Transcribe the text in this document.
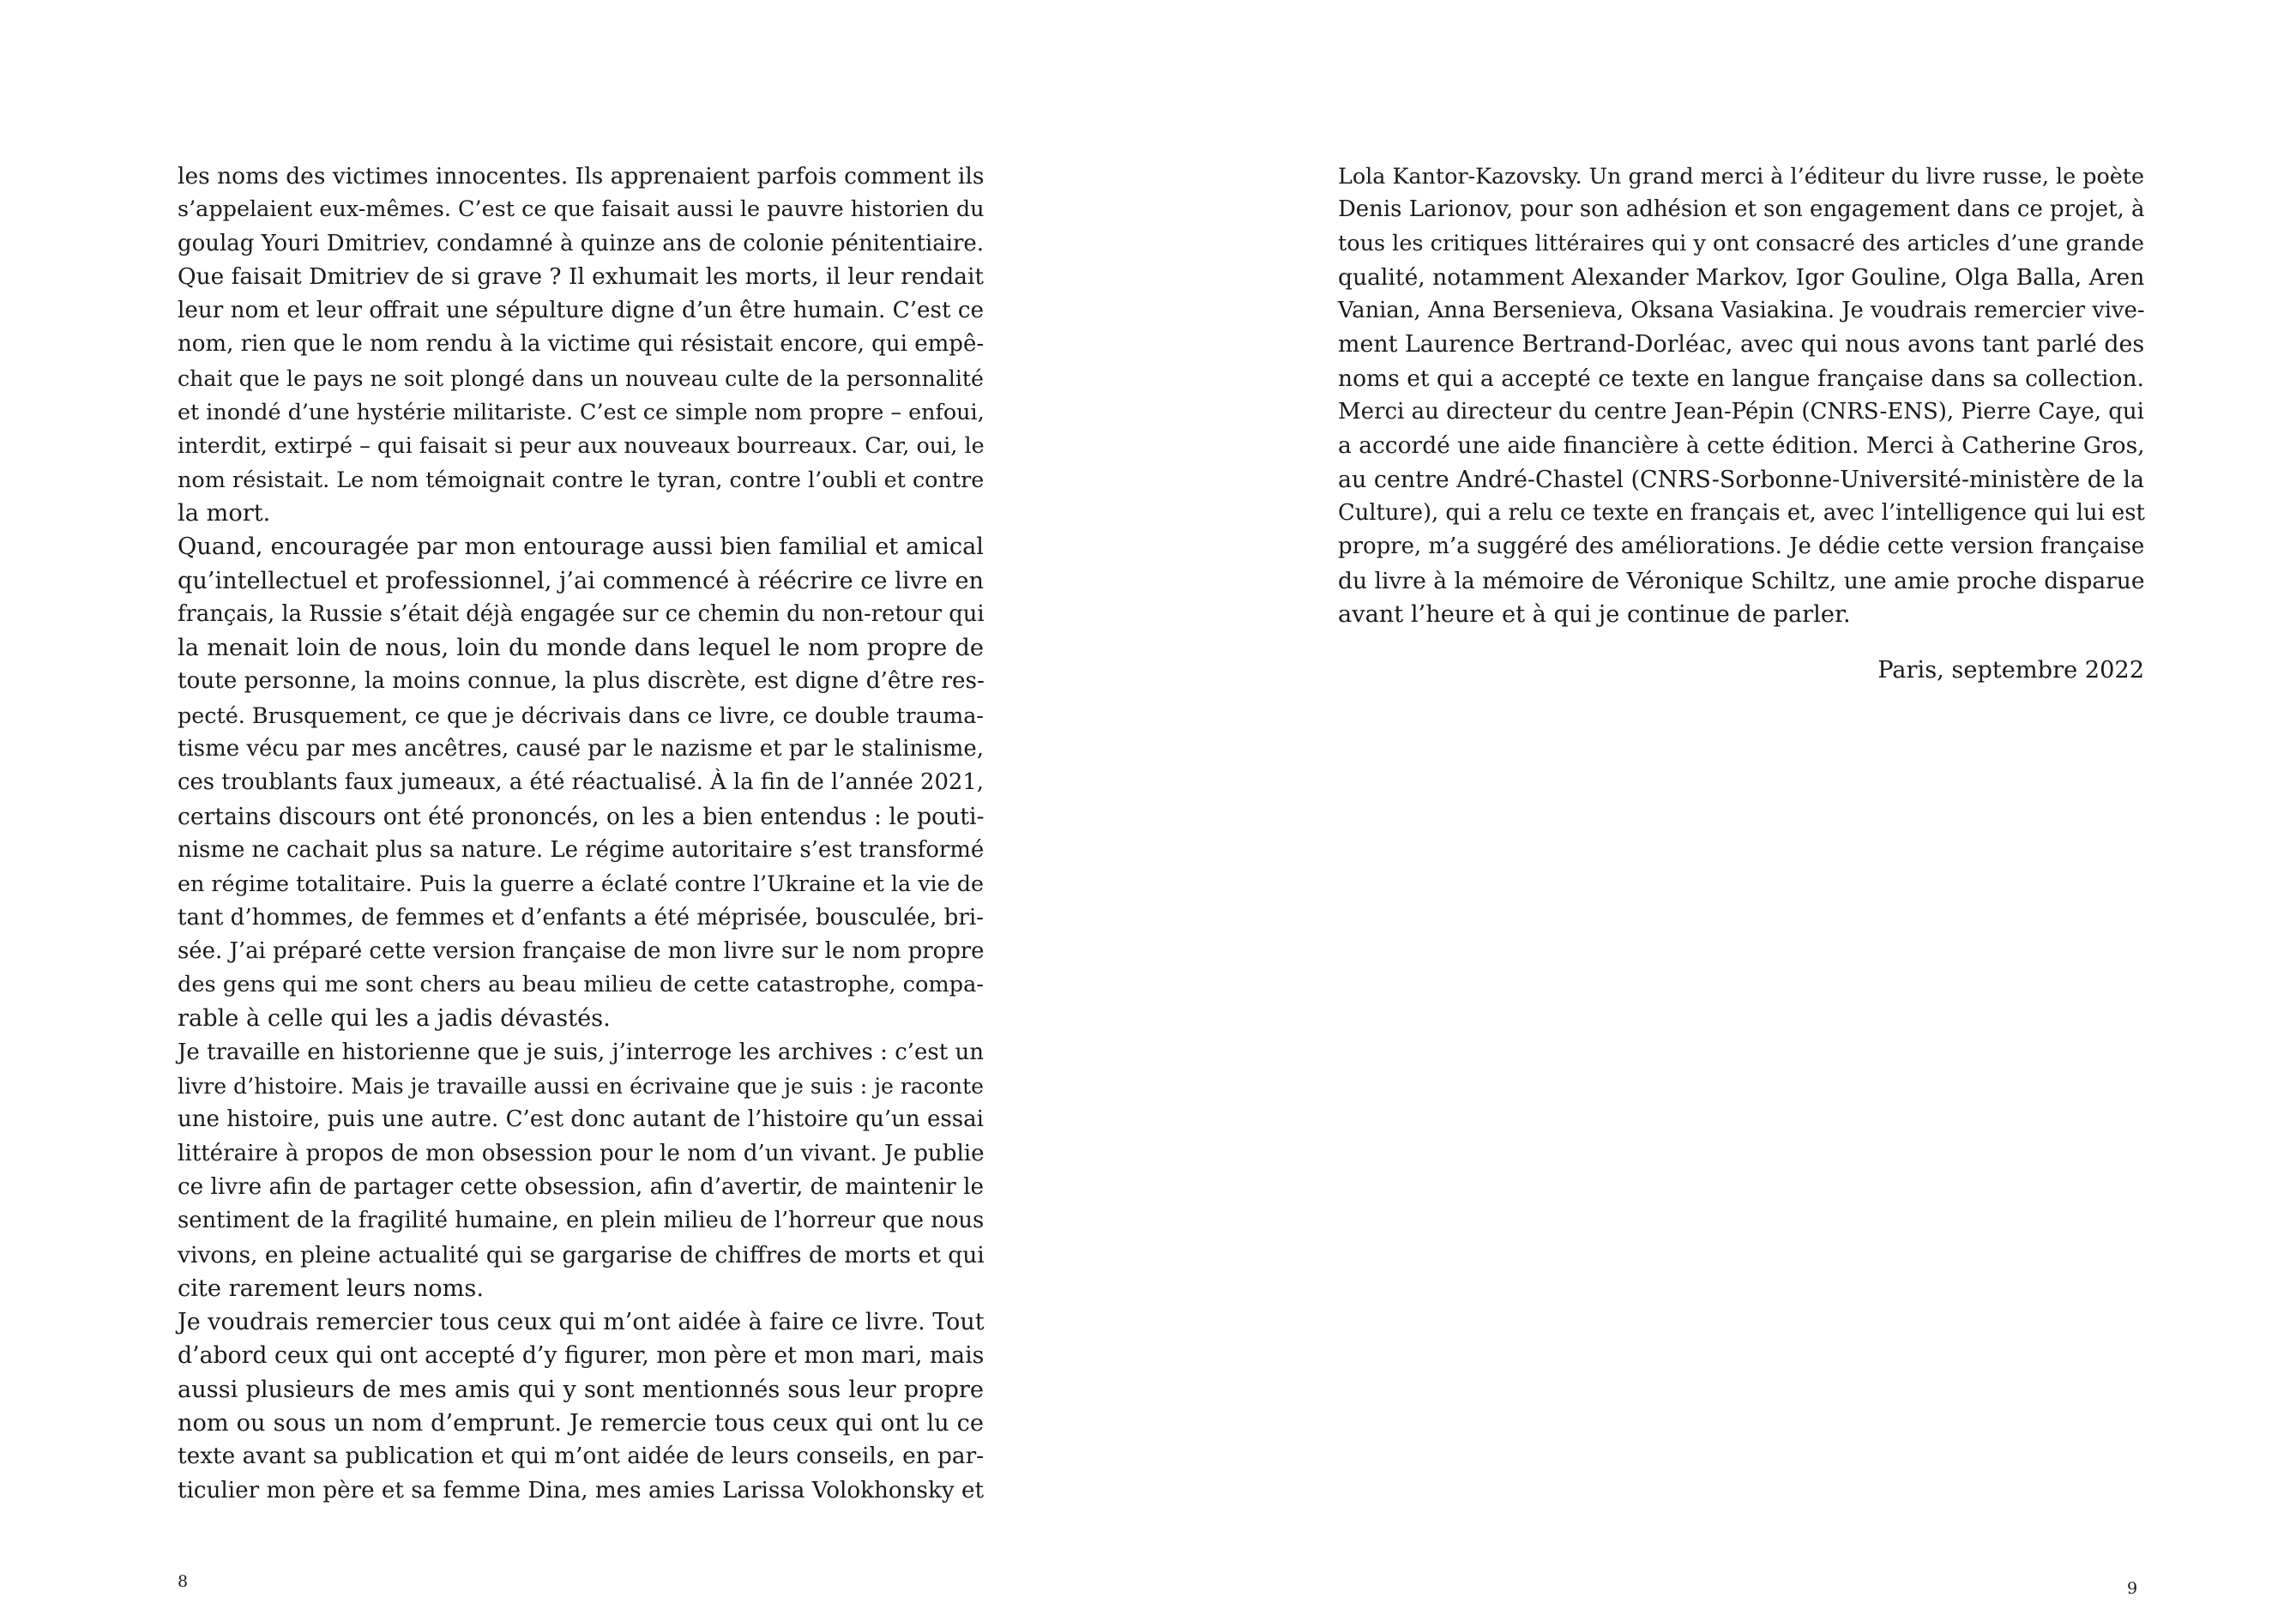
les noms des victimes innocentes. Ils apprenaient parfois comment ils
s’appelaient eux-mêmes. C’est ce que faisait aussi le pauvre historien du
goulag Youri Dmitriev, condamné à quinze ans de colonie pénitentiaire.
Que faisait Dmitriev de si grave ? Il exhumait les morts, il leur rendait
leur nom et leur offrait une sépulture digne d’un être humain. C’est ce
nom, rien que le nom rendu à la victime qui résistait encore, qui empê-
chait que le pays ne soit plongé dans un nouveau culte de la personnalité
et inondé d’une hystérie militariste. C’est ce simple nom propre – enfoui,
interdit, extirpé – qui faisait si peur aux nouveaux bourreaux. Car, oui, le
nom résistait. Le nom témoignait contre le tyran, contre l’oubli et contre
la mort.
Quand, encouragée par mon entourage aussi bien familial et amical
qu’intellectuel et professionnel, j’ai commencé à réécrire ce livre en
français, la Russie s’était déjà engagée sur ce chemin du non-retour qui
la menait loin de nous, loin du monde dans lequel le nom propre de
toute personne, la moins connue, la plus discrète, est digne d’être res-
pecté. Brusquement, ce que je décrivais dans ce livre, ce double trauma-
tisme vécu par mes ancêtres, causé par le nazisme et par le stalinisme,
ces troublants faux jumeaux, a été réactualisé. À la fin de l’année 2021,
certains discours ont été prononcés, on les a bien entendus : le pouti-
nisme ne cachait plus sa nature. Le régime autoritaire s’est transformé
en régime totalitaire. Puis la guerre a éclaté contre l’Ukraine et la vie de
tant d’hommes, de femmes et d’enfants a été méprisée, bousculée, bri-
sée. J’ai préparé cette version française de mon livre sur le nom propre
des gens qui me sont chers au beau milieu de cette catastrophe, compa-
rable à celle qui les a jadis dévastés.
Je travaille en historienne que je suis, j’interroge les archives : c’est un
livre d’histoire. Mais je travaille aussi en écrivaine que je suis : je raconte
une histoire, puis une autre. C’est donc autant de l’histoire qu’un essai
littéraire à propos de mon obsession pour le nom d’un vivant. Je publie
ce livre afin de partager cette obsession, afin d’avertir, de maintenir le
sentiment de la fragilité humaine, en plein milieu de l’horreur que nous
vivons, en pleine actualité qui se gargarise de chiffres de morts et qui
cite rarement leurs noms.
Je voudrais remercier tous ceux qui m’ont aidée à faire ce livre. Tout
d’abord ceux qui ont accepté d’y figurer, mon père et mon mari, mais
aussi plusieurs de mes amis qui y sont mentionnés sous leur propre
nom ou sous un nom d’emprunt. Je remercie tous ceux qui ont lu ce
texte avant sa publication et qui m’ont aidée de leurs conseils, en par-
ticulier mon père et sa femme Dina, mes amies Larissa Volokhonsky et
8
Lola Kantor-Kazovsky. Un grand merci à l’éditeur du livre russe, le poète
Denis Larionov, pour son adhésion et son engagement dans ce projet, à
tous les critiques littéraires qui y ont consacré des articles d’une grande
qualité, notamment Alexander Markov, Igor Gouline, Olga Balla, Aren
Vanian, Anna Bersenieva, Oksana Vasiakina. Je voudrais remercier vive-
ment Laurence Bertrand-Dorléac, avec qui nous avons tant parlé des
noms et qui a accepté ce texte en langue française dans sa collection.
Merci au directeur du centre Jean-Pépin (CNRS-ENS), Pierre Caye, qui
a accordé une aide financière à cette édition. Merci à Catherine Gros,
au centre André-Chastel (CNRS-Sorbonne-Université-ministère de la
Culture), qui a relu ce texte en français et, avec l’intelligence qui lui est
propre, m’a suggéré des améliorations. Je dédie cette version française
du livre à la mémoire de Véronique Schiltz, une amie proche disparue
avant l’heure et à qui je continue de parler.
Paris, septembre 2022
9
